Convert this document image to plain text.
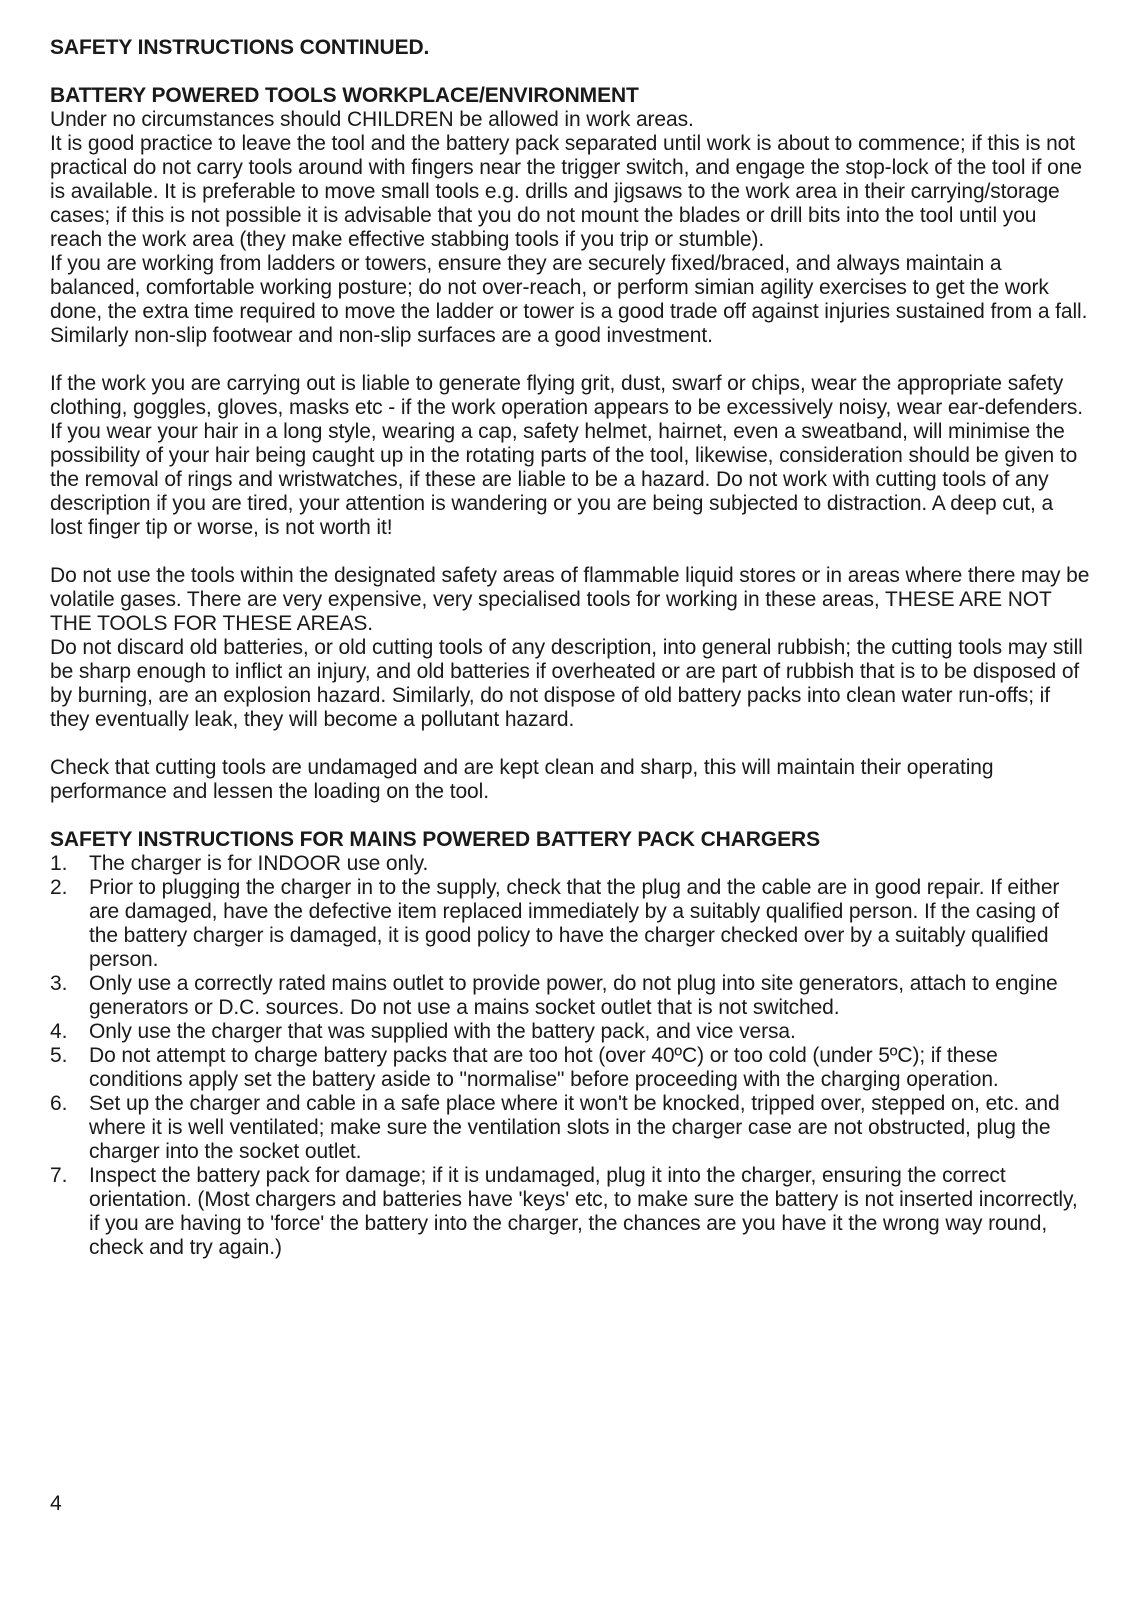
SAFETY INSTRUCTIONS CONTINUED.

BATTERY POWERED TOOLS WORKPLACE/ENVIRONMENT

Under no circumstances should CHILDREN be allowed in work areas.

It is good practice to leave the tool and the battery pack separated until work is about to commence; if this is not practical do not carry tools around with fingers near the trigger switch, and engage the stop-lock of the tool if one is available. It is preferable to move small tools e.g. drills and jigsaws to the work area in their carrying/storage cases; if this is not possible it is advisable that you do not mount the blades or drill bits into the tool until you reach the work area (they make effective stabbing tools if you trip or stumble).

If you are working from ladders or towers, ensure they are securely fixed/braced, and always maintain a balanced, comfortable working posture; do not over-reach, or perform simian agility exercises to get the work done, the extra time required to move the ladder or tower is a good trade off against injuries sustained from a fall. Similarly non-slip footwear and non-slip surfaces are a good investment.

If the work you are carrying out is liable to generate flying grit, dust, swarf or chips, wear the appropriate safety clothing, goggles, gloves, masks etc - if the work operation appears to be excessively noisy, wear ear-defenders. If you wear your hair in a long style, wearing a cap, safety helmet, hairnet, even a sweatband, will minimise the possibility of your hair being caught up in the rotating parts of the tool, likewise, consideration should be given to the removal of rings and wristwatches, if these are liable to be a hazard. Do not work with cutting tools of any description if you are tired, your attention is wandering or you are being subjected to distraction. A deep cut, a lost finger tip or worse, is not worth it!

Do not use the tools within the designated safety areas of flammable liquid stores or in areas where there may be volatile gases. There are very expensive, very specialised tools for working in these areas, THESE ARE NOT THE TOOLS FOR THESE AREAS.

Do not discard old batteries, or old cutting tools of any description, into general rubbish; the cutting tools may still be sharp enough to inflict an injury, and old batteries if overheated or are part of rubbish that is to be disposed of by burning, are an explosion hazard. Similarly, do not dispose of old battery packs into clean water run-offs; if they eventually leak, they will become a pollutant hazard.

Check that cutting tools are undamaged and are kept clean and sharp, this will maintain their operating performance and lessen the loading on the tool.

SAFETY INSTRUCTIONS FOR MAINS POWERED BATTERY PACK CHARGERS

1. The charger is for INDOOR use only.
2. Prior to plugging the charger in to the supply, check that the plug and the cable are in good repair. If either are damaged, have the defective item replaced immediately by a suitably qualified person. If the casing of the battery charger is damaged, it is good policy to have the charger checked over by a suitably qualified person.
3. Only use a correctly rated mains outlet to provide power, do not plug into site generators, attach to engine generators or D.C. sources. Do not use a mains socket outlet that is not switched.
4. Only use the charger that was supplied with the battery pack, and vice versa.
5. Do not attempt to charge battery packs that are too hot (over 40ºC) or too cold (under 5ºC); if these conditions apply set the battery aside to "normalise" before proceeding with the charging operation.
6. Set up the charger and cable in a safe place where it won't be knocked, tripped over, stepped on, etc. and where it is well ventilated; make sure the ventilation slots in the charger case are not obstructed, plug the charger into the socket outlet.
7. Inspect the battery pack for damage; if it is undamaged, plug it into the charger, ensuring the correct orientation. (Most chargers and batteries have 'keys' etc, to make sure the battery is not inserted incorrectly, if you are having to 'force' the battery into the charger, the chances are you have it the wrong way round, check and try again.)
4
